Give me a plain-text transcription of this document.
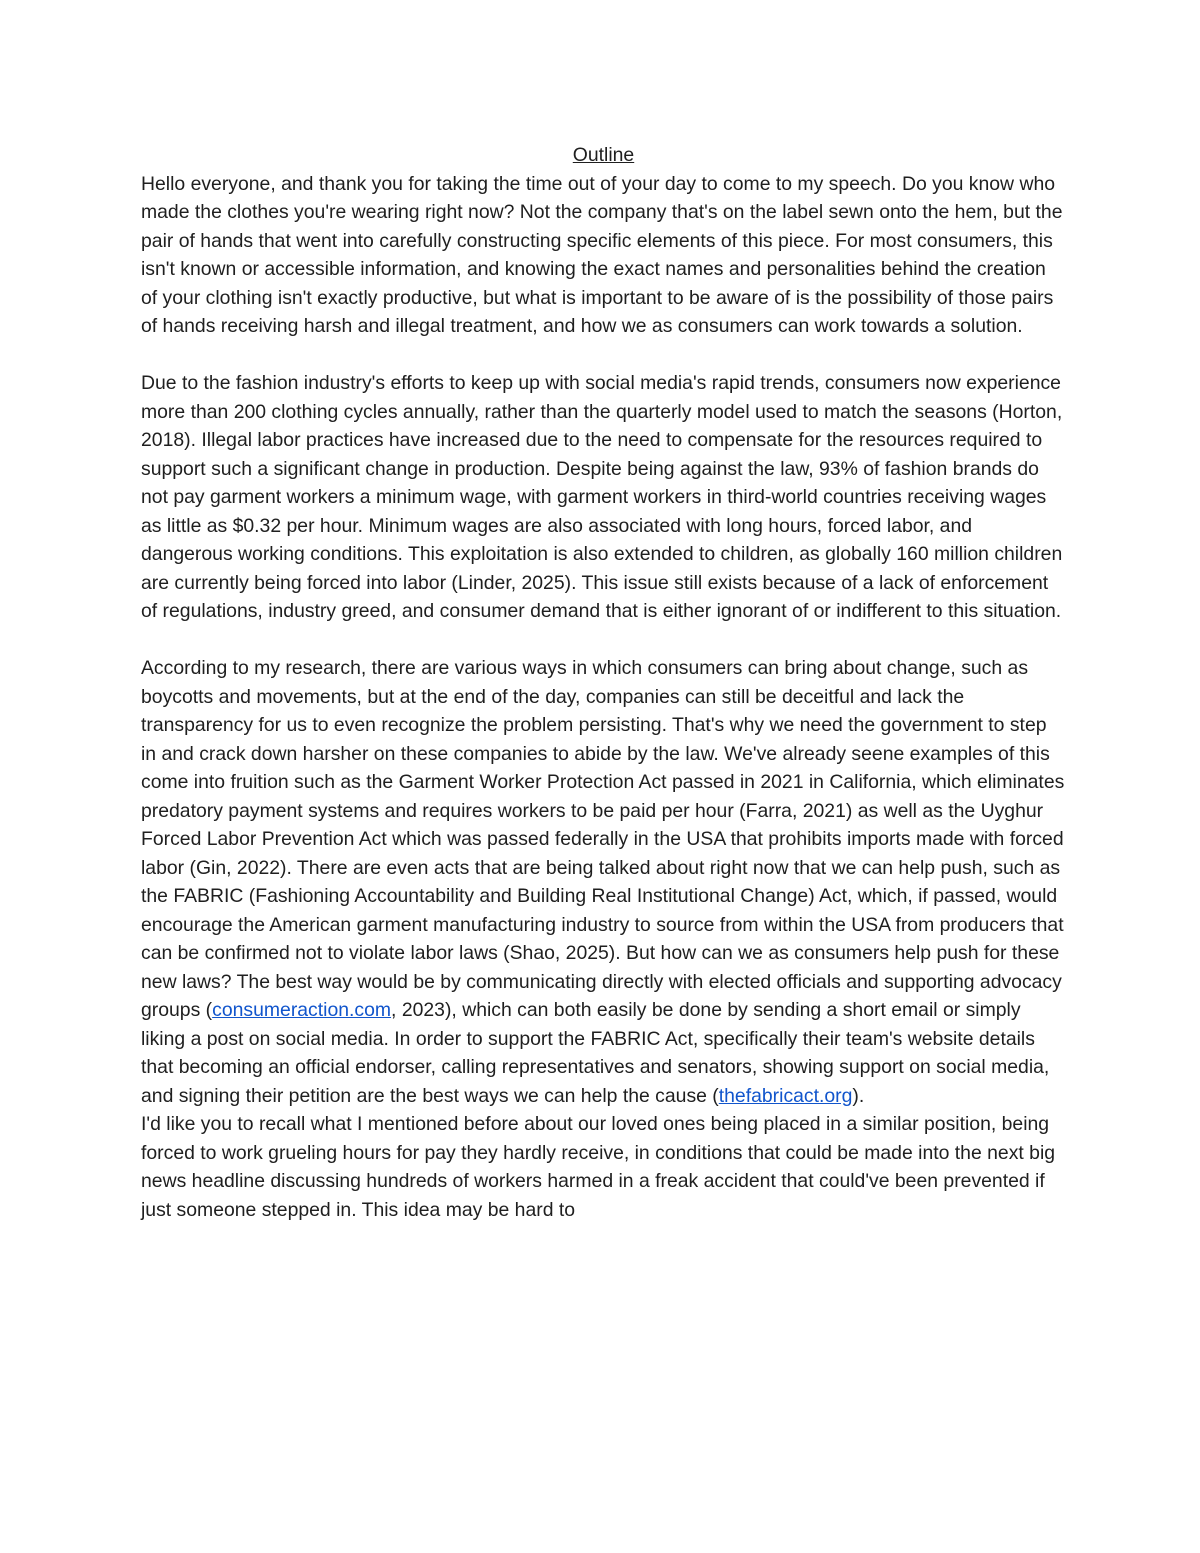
Outline

Hello everyone, and thank you for taking the time out of your day to come to my speech. Do you know who made the clothes you're wearing right now? Not the company that's on the label sewn onto the hem, but the pair of hands that went into carefully constructing specific elements of this piece. For most consumers, this isn't known or accessible information, and knowing the exact names and personalities behind the creation of your clothing isn't exactly productive, but what is important to be aware of is the possibility of those pairs of hands receiving harsh and illegal treatment, and how we as consumers can work towards a solution.

Due to the fashion industry's efforts to keep up with social media's rapid trends, consumers now experience more than 200 clothing cycles annually, rather than the quarterly model used to match the seasons (Horton, 2018). Illegal labor practices have increased due to the need to compensate for the resources required to support such a significant change in production. Despite being against the law, 93% of fashion brands do not pay garment workers a minimum wage, with garment workers in third-world countries receiving wages as little as $0.32 per hour. Minimum wages are also associated with long hours, forced labor, and dangerous working conditions. This exploitation is also extended to children, as globally 160 million children are currently being forced into labor (Linder, 2025). This issue still exists because of a lack of enforcement of regulations, industry greed, and consumer demand that is either ignorant of or indifferent to this situation.

According to my research, there are various ways in which consumers can bring about change, such as boycotts and movements, but at the end of the day, companies can still be deceitful and lack the transparency for us to even recognize the problem persisting. That's why we need the government to step in and crack down harsher on these companies to abide by the law. We've already seene examples of this come into fruition such as the Garment Worker Protection Act passed in 2021 in California, which eliminates predatory payment systems and requires workers to be paid per hour (Farra, 2021) as well as the Uyghur Forced Labor Prevention Act which was passed federally in the USA that prohibits imports made with forced labor (Gin, 2022). There are even acts that are being talked about right now that we can help push, such as the FABRIC (Fashioning Accountability and Building Real Institutional Change) Act, which, if passed, would encourage the American garment manufacturing industry to source from within the USA from producers that can be confirmed not to violate labor laws (Shao, 2025). But how can we as consumers help push for these new laws? The best way would be by communicating directly with elected officials and supporting advocacy groups (consumeraction.com, 2023), which can both easily be done by sending a short email or simply liking a post on social media. In order to support the FABRIC Act, specifically their team's website details that becoming an official endorser, calling representatives and senators, showing support on social media, and signing their petition are the best ways we can help the cause (thefabricact.org).

I'd like you to recall what I mentioned before about our loved ones being placed in a similar position, being forced to work grueling hours for pay they hardly receive, in conditions that could be made into the next big news headline discussing hundreds of workers harmed in a freak accident that could've been prevented if just someone stepped in. This idea may be hard to
